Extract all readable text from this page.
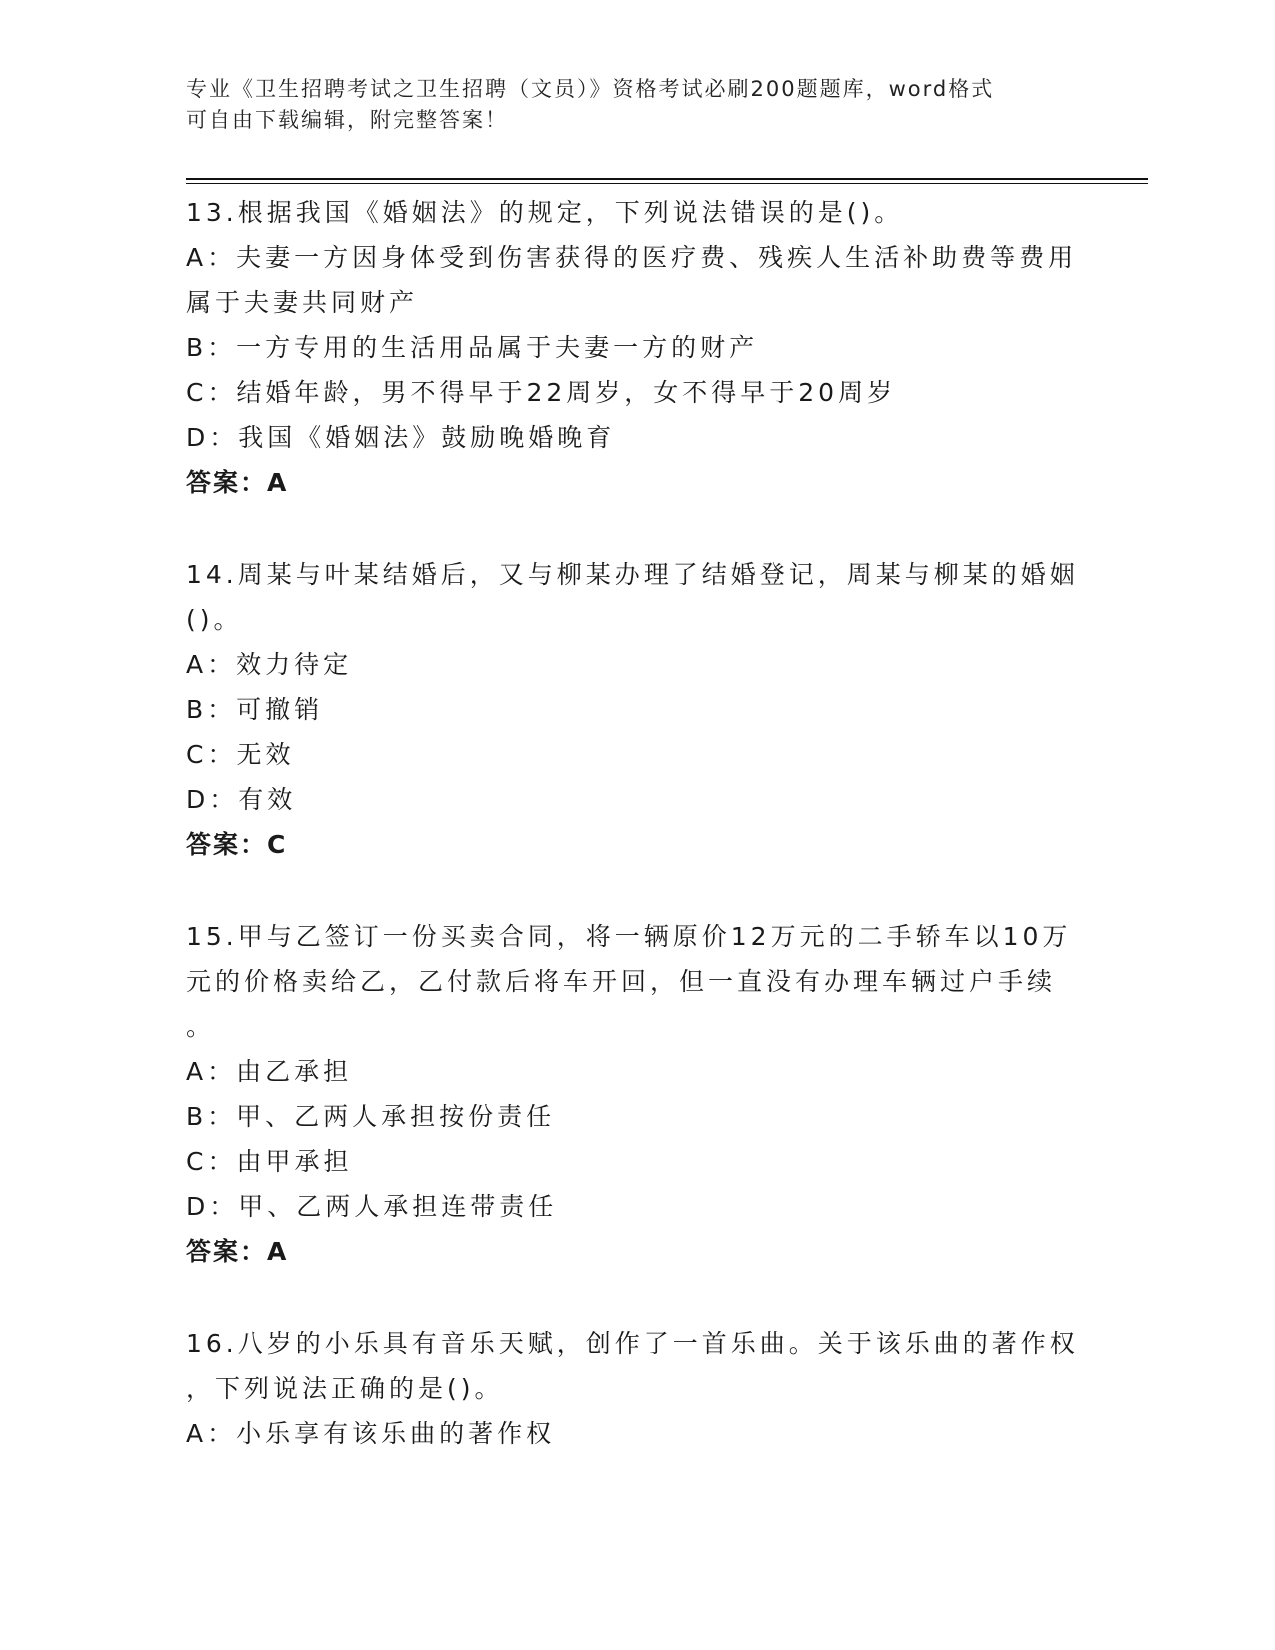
专业《卫生招聘考试之卫生招聘（文员）》资格考试必刷200题题库，word格式
可自由下载编辑，附完整答案！
13.根据我国《婚姻法》的规定，下列说法错误的是()。
A：夫妻一方因身体受到伤害获得的医疗费、残疾人生活补助费等费用
属于夫妻共同财产
B：一方专用的生活用品属于夫妻一方的财产
C：结婚年龄，男不得早于22周岁，女不得早于20周岁
D：我国《婚姻法》鼓励晚婚晚育
答案：A
14.周某与叶某结婚后，又与柳某办理了结婚登记，周某与柳某的婚姻
()。
A：效力待定
B：可撤销
C：无效
D：有效
答案：C
15.甲与乙签订一份买卖合同，将一辆原价12万元的二手轿车以10万
元的价格卖给乙，乙付款后将车开回，但一直没有办理车辆过户手续
。
A：由乙承担
B：甲、乙两人承担按份责任
C：由甲承担
D：甲、乙两人承担连带责任
答案：A
16.八岁的小乐具有音乐天赋，创作了一首乐曲。关于该乐曲的著作权
，下列说法正确的是()。
A：小乐享有该乐曲的著作权
